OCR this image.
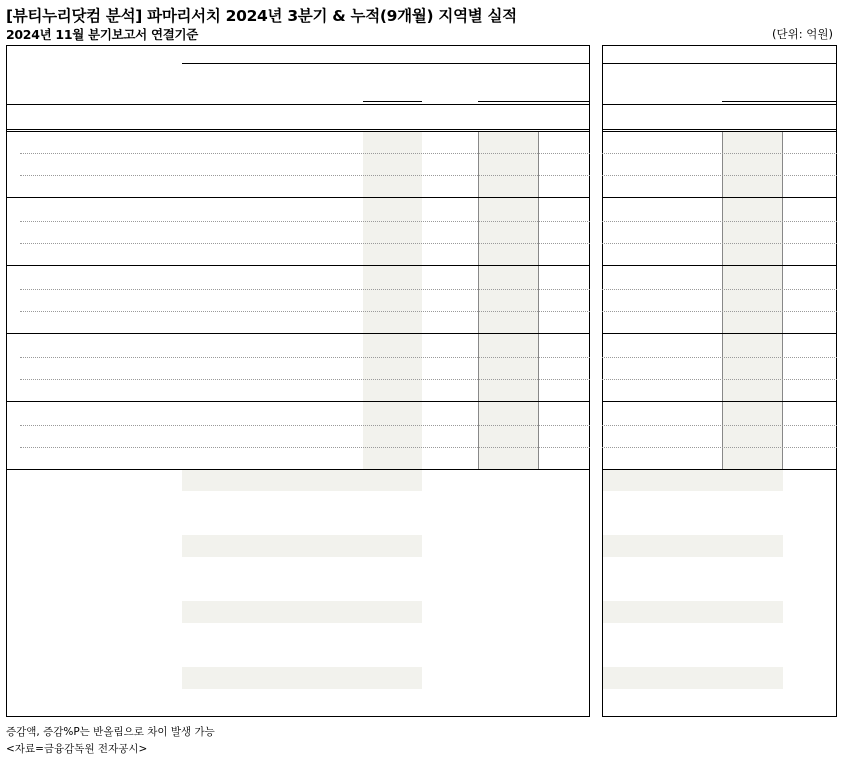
[뷰티누리닷컴 분석] 파마리서치 2024년 3분기 & 누적(9개월) 지역별 실적
2024년 11월 분기보고서 연결기준	(단위: 억원)
증감액, 증감%P는 반올림으로 차이 발생 가능
<자료=금융감독원 전자공시>
